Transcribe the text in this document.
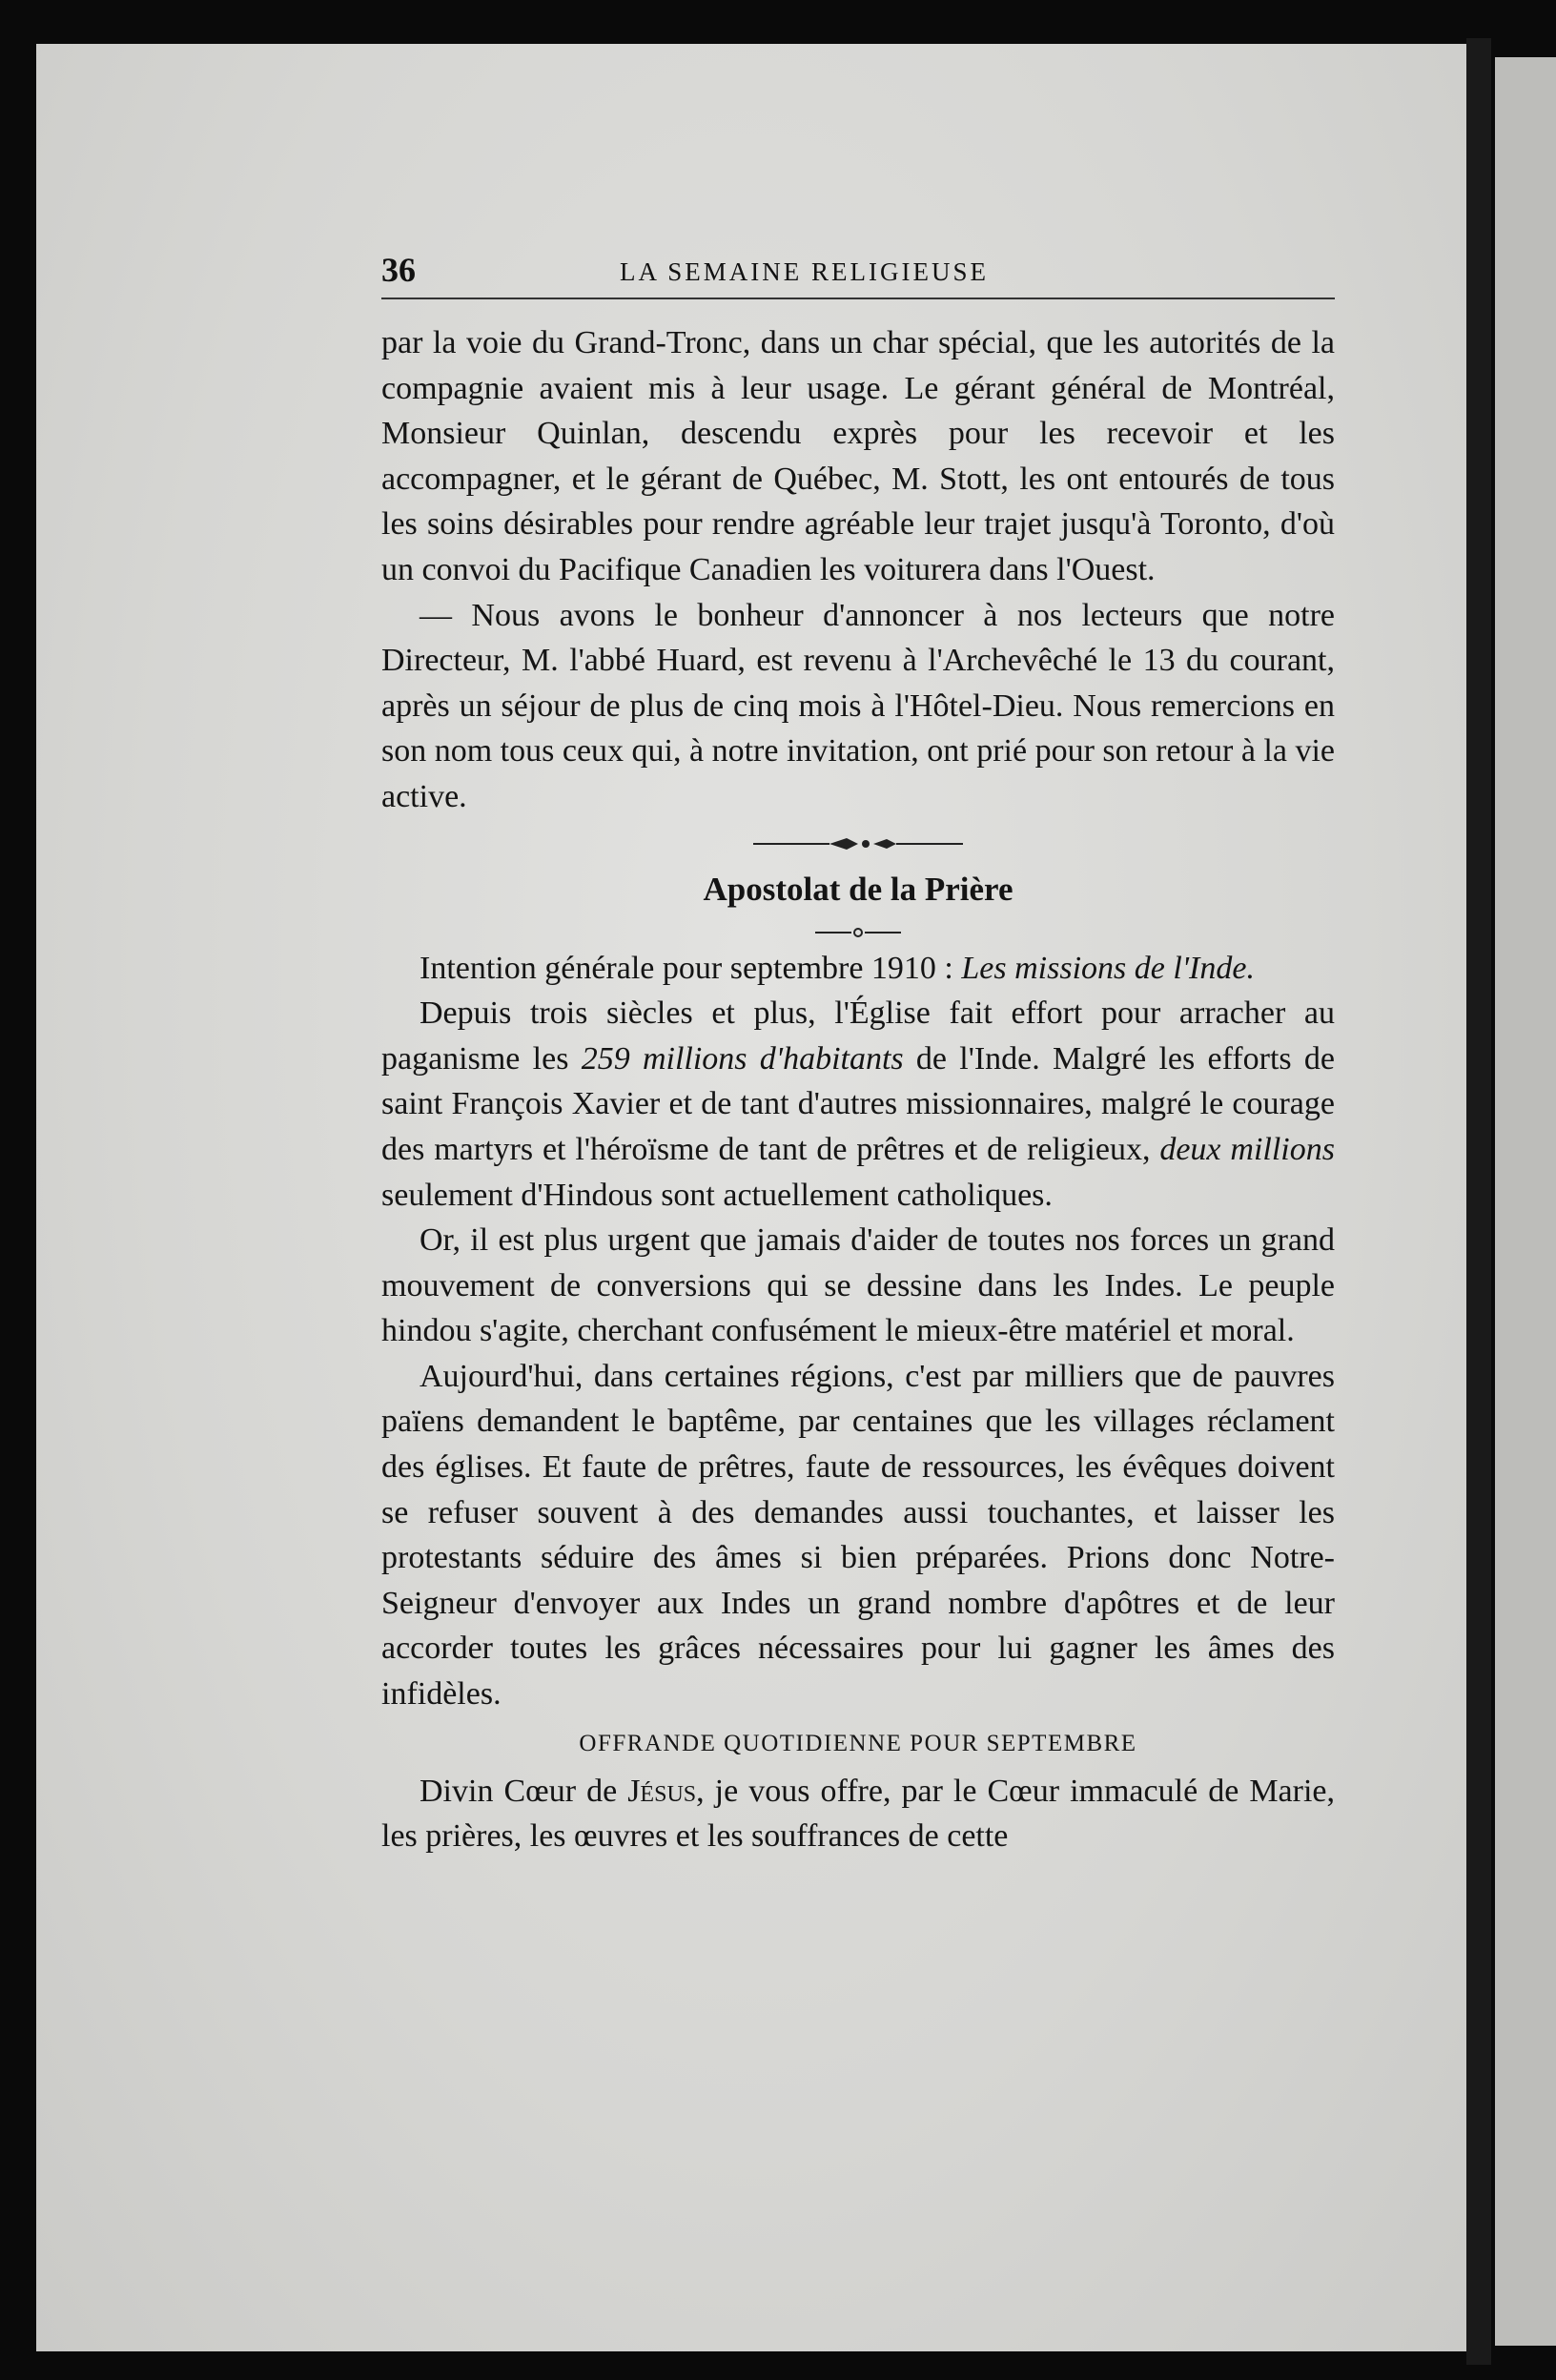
36	LA SEMAINE RELIGIEUSE

par la voie du Grand-Tronc, dans un char spécial, que les autorités de la compagnie avaient mis à leur usage. Le gérant général de Montréal, Monsieur Quinlan, descendu exprès pour les recevoir et les accompagner, et le gérant de Québec, M. Stott, les ont entourés de tous les soins désirables pour rendre agréable leur trajet jusqu'à Toronto, d'où un convoi du Pacifique Canadien les voiturera dans l'Ouest.

— Nous avons le bonheur d'annoncer à nos lecteurs que notre Directeur, M. l'abbé Huard, est revenu à l'Archevêché le 13 du courant, après un séjour de plus de cinq mois à l'Hôtel-Dieu. Nous remercions en son nom tous ceux qui, à notre invitation, ont prié pour son retour à la vie active.

Apostolat de la Prière

Intention générale pour septembre 1910 : Les missions de l'Inde.

Depuis trois siècles et plus, l'Église fait effort pour arracher au paganisme les 259 millions d'habitants de l'Inde. Malgré les efforts de saint François Xavier et de tant d'autres missionnaires, malgré le courage des martyrs et l'héroïsme de tant de prêtres et de religieux, deux millions seulement d'Hindous sont actuellement catholiques.

Or, il est plus urgent que jamais d'aider de toutes nos forces un grand mouvement de conversions qui se dessine dans les Indes. Le peuple hindou s'agite, cherchant confusément le mieux-être matériel et moral.

Aujourd'hui, dans certaines régions, c'est par milliers que de pauvres païens demandent le baptême, par centaines que les villages réclament des églises. Et faute de prêtres, faute de ressources, les évêques doivent se refuser souvent à des demandes aussi touchantes, et laisser les protestants séduire des âmes si bien préparées. Prions donc Notre-Seigneur d'envoyer aux Indes un grand nombre d'apôtres et de leur accorder toutes les grâces nécessaires pour lui gagner les âmes des infidèles.

OFFRANDE QUOTIDIENNE POUR SEPTEMBRE

Divin Cœur de Jésus, je vous offre, par le Cœur immaculé de Marie, les prières, les œuvres et les souffrances de cette
